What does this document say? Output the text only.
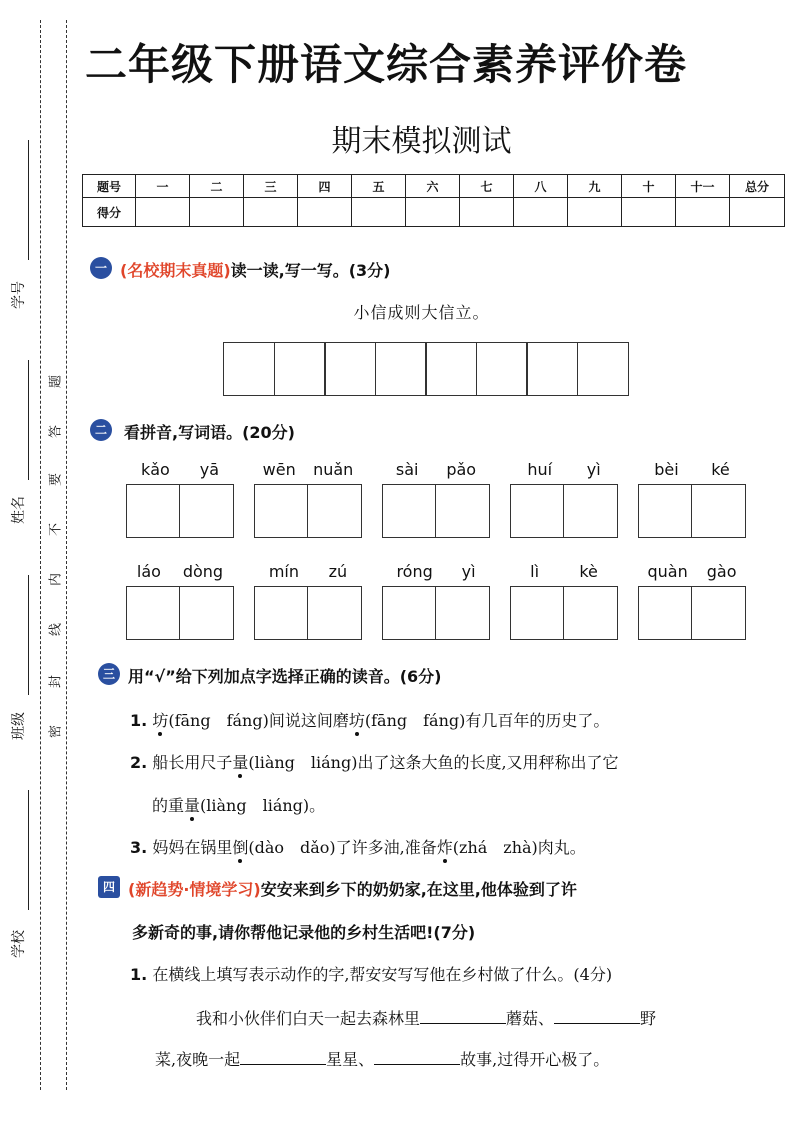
学号
姓名
班级
学校
题
答
要
不
内
线
封
密
二年级下册语文综合素养评价卷
期末模拟测试
题号	一	二	三	四	五	六	七	八	九	十	十一	总分
得分												
一 (名校期末真题)读一读,写一写。(3分)
小信成则大信立。
二	看拼音,写词语。(20分)
kǎo yā	wēn nuǎn	sài pǎo	huí yì	bèi ké
láo dòng	mín zú	róng yì	lì	kè	quàn gào
三 用“√”给下列加点字选择正确的读音。(6分)
1. 坊(fāng　fáng)间说这间磨坊(fāng　fáng)有几百年的历史了。
2. 船长用尺子量(liàng　liáng)出了这条大鱼的长度,又用秤称出了它
的重量(liàng　liáng)。
3. 妈妈在锅里倒(dào　dǎo)了许多油,准备炸(zhá　zhà)肉丸。
四 (新趋势·情境学习)安安来到乡下的奶奶家,在这里,他体验到了许
多新奇的事,请你帮他记录他的乡村生活吧!(7分)
1. 在横线上填写表示动作的字,帮安安写写他在乡村做了什么。(4分)
我和小伙伴们白天一起去森林里	蘑菇、	野
菜,夜晚一起	星星、	故事,过得开心极了。
